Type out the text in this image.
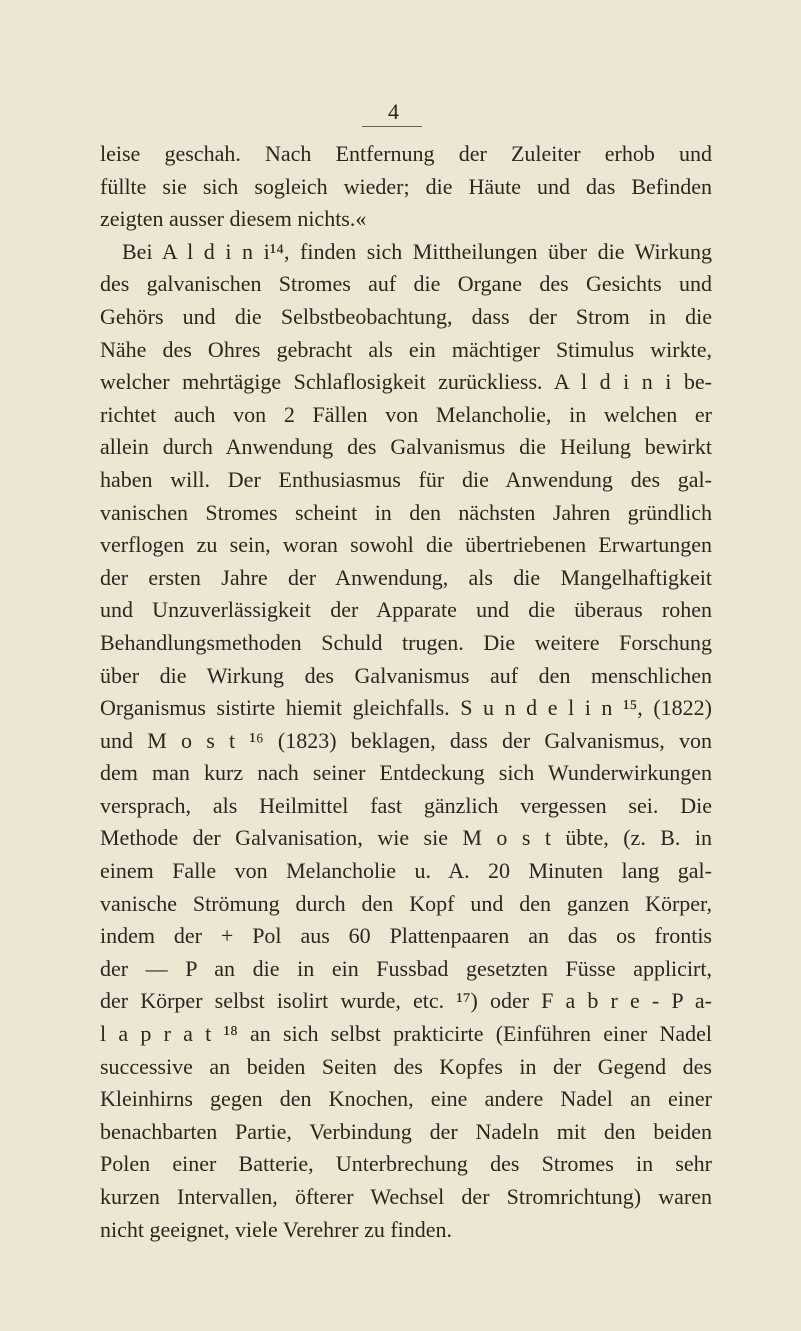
4
leise geschah. Nach Entfernung der Zuleiter erhob und
füllte sie sich sogleich wieder; die Häute und das Befinden
zeigten ausser diesem nichts.«
Bei A l d i n i¹⁴, finden sich Mittheilungen über die Wirkung
des galvanischen Stromes auf die Organe des Gesichts und
Gehörs und die Selbstbeobachtung, dass der Strom in die
Nähe des Ohres gebracht als ein mächtiger Stimulus wirkte,
welcher mehrtägige Schlaflosigkeit zurückliess. A l d i n i be-
richtet auch von 2 Fällen von Melancholie, in welchen er
allein durch Anwendung des Galvanismus die Heilung bewirkt
haben will. Der Enthusiasmus für die Anwendung des gal-
vanischen Stromes scheint in den nächsten Jahren gründlich
verflogen zu sein, woran sowohl die übertriebenen Erwartungen
der ersten Jahre der Anwendung, als die Mangelhaftigkeit
und Unzuverlässigkeit der Apparate und die überaus rohen
Behandlungsmethoden Schuld trugen. Die weitere Forschung
über die Wirkung des Galvanismus auf den menschlichen
Organismus sistirte hiemit gleichfalls. S u n d e l i n ¹⁵, (1822)
und M o s t ¹⁶ (1823) beklagen, dass der Galvanismus, von
dem man kurz nach seiner Entdeckung sich Wunderwirkungen
versprach, als Heilmittel fast gänzlich vergessen sei. Die
Methode der Galvanisation, wie sie M o s t übte, (z. B. in
einem Falle von Melancholie u. A. 20 Minuten lang gal-
vanische Strömung durch den Kopf und den ganzen Körper,
indem der + Pol aus 60 Plattenpaaren an das os frontis
der — P an die in ein Fussbad gesetzten Füsse applicirt,
der Körper selbst isolirt wurde, etc. ¹⁷) oder F a b r e - P a-
l a p r a t ¹⁸ an sich selbst prakticirte (Einführen einer Nadel
successive an beiden Seiten des Kopfes in der Gegend des
Kleinhirns gegen den Knochen, eine andere Nadel an einer
benachbarten Partie, Verbindung der Nadeln mit den beiden
Polen einer Batterie, Unterbrechung des Stromes in sehr
kurzen Intervallen, öfterer Wechsel der Stromrichtung) waren
nicht geeignet, viele Verehrer zu finden.
